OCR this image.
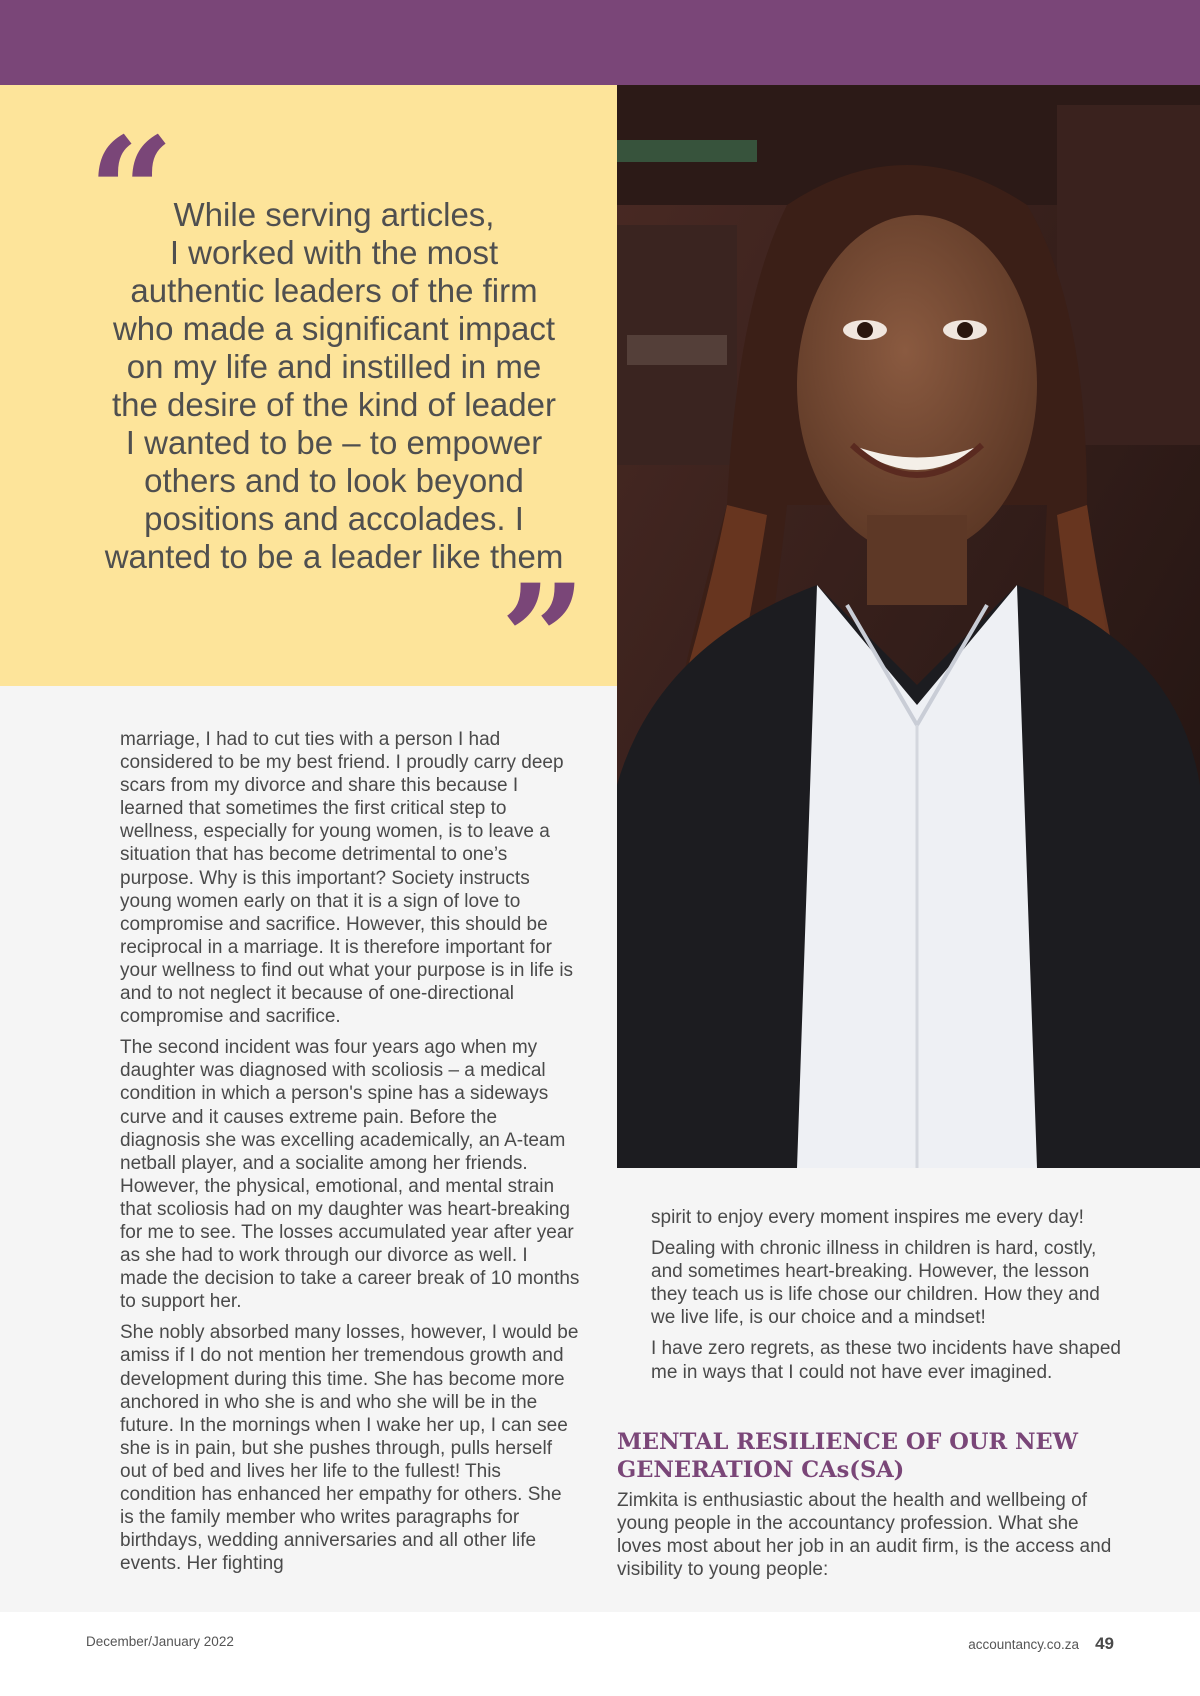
“ While serving articles,
I worked with the most
authentic leaders of the firm
who made a significant impact
on my life and instilled in me
the desire of the kind of leader
I wanted to be – to empower
others and to look beyond
positions and accolades. I
wanted to be a leader like them
”

marriage, I had to cut ties with a person I had considered to be my best friend. I proudly carry deep scars from my divorce and share this because I learned that sometimes the first critical step to wellness, especially for young women, is to leave a situation that has become detrimental to one’s purpose. Why is this important? Society instructs young women early on that it is a sign of love to compromise and sacrifice. However, this should be reciprocal in a marriage. It is therefore important for your wellness to find out what your purpose is in life is and to not neglect it because of one-directional compromise and sacrifice.

The second incident was four years ago when my daughter was diagnosed with scoliosis – a medical condition in which a person's spine has a sideways curve and it causes extreme pain. Before the diagnosis she was excelling academically, an A-team netball player, and a socialite among her friends. However, the physical, emotional, and mental strain that scoliosis had on my daughter was heart-breaking for me to see. The losses accumulated year after year as she had to work through our divorce as well. I made the decision to take a career break of 10 months to support her.

She nobly absorbed many losses, however, I would be amiss if I do not mention her tremendous growth and development during this time. She has become more anchored in who she is and who she will be in the future. In the mornings when I wake her up, I can see she is in pain, but she pushes through, pulls herself out of bed and lives her life to the fullest! This condition has enhanced her empathy for others. She is the family member who writes paragraphs for birthdays, wedding anniversaries and all other life events. Her fighting

spirit to enjoy every moment inspires me every day!

Dealing with chronic illness in children is hard, costly, and sometimes heart-breaking. However, the lesson they teach us is life chose our children. How they and we live life, is our choice and a mindset!

I have zero regrets, as these two incidents have shaped me in ways that I could not have ever imagined.

MENTAL RESILIENCE OF OUR NEW
GENERATION CAs(SA)

Zimkita is enthusiastic about the health and wellbeing of young people in the accountancy profession. What she loves most about her job in an audit firm, is the access and visibility to young people:

December/January 2022	accountancy.co.za 49
